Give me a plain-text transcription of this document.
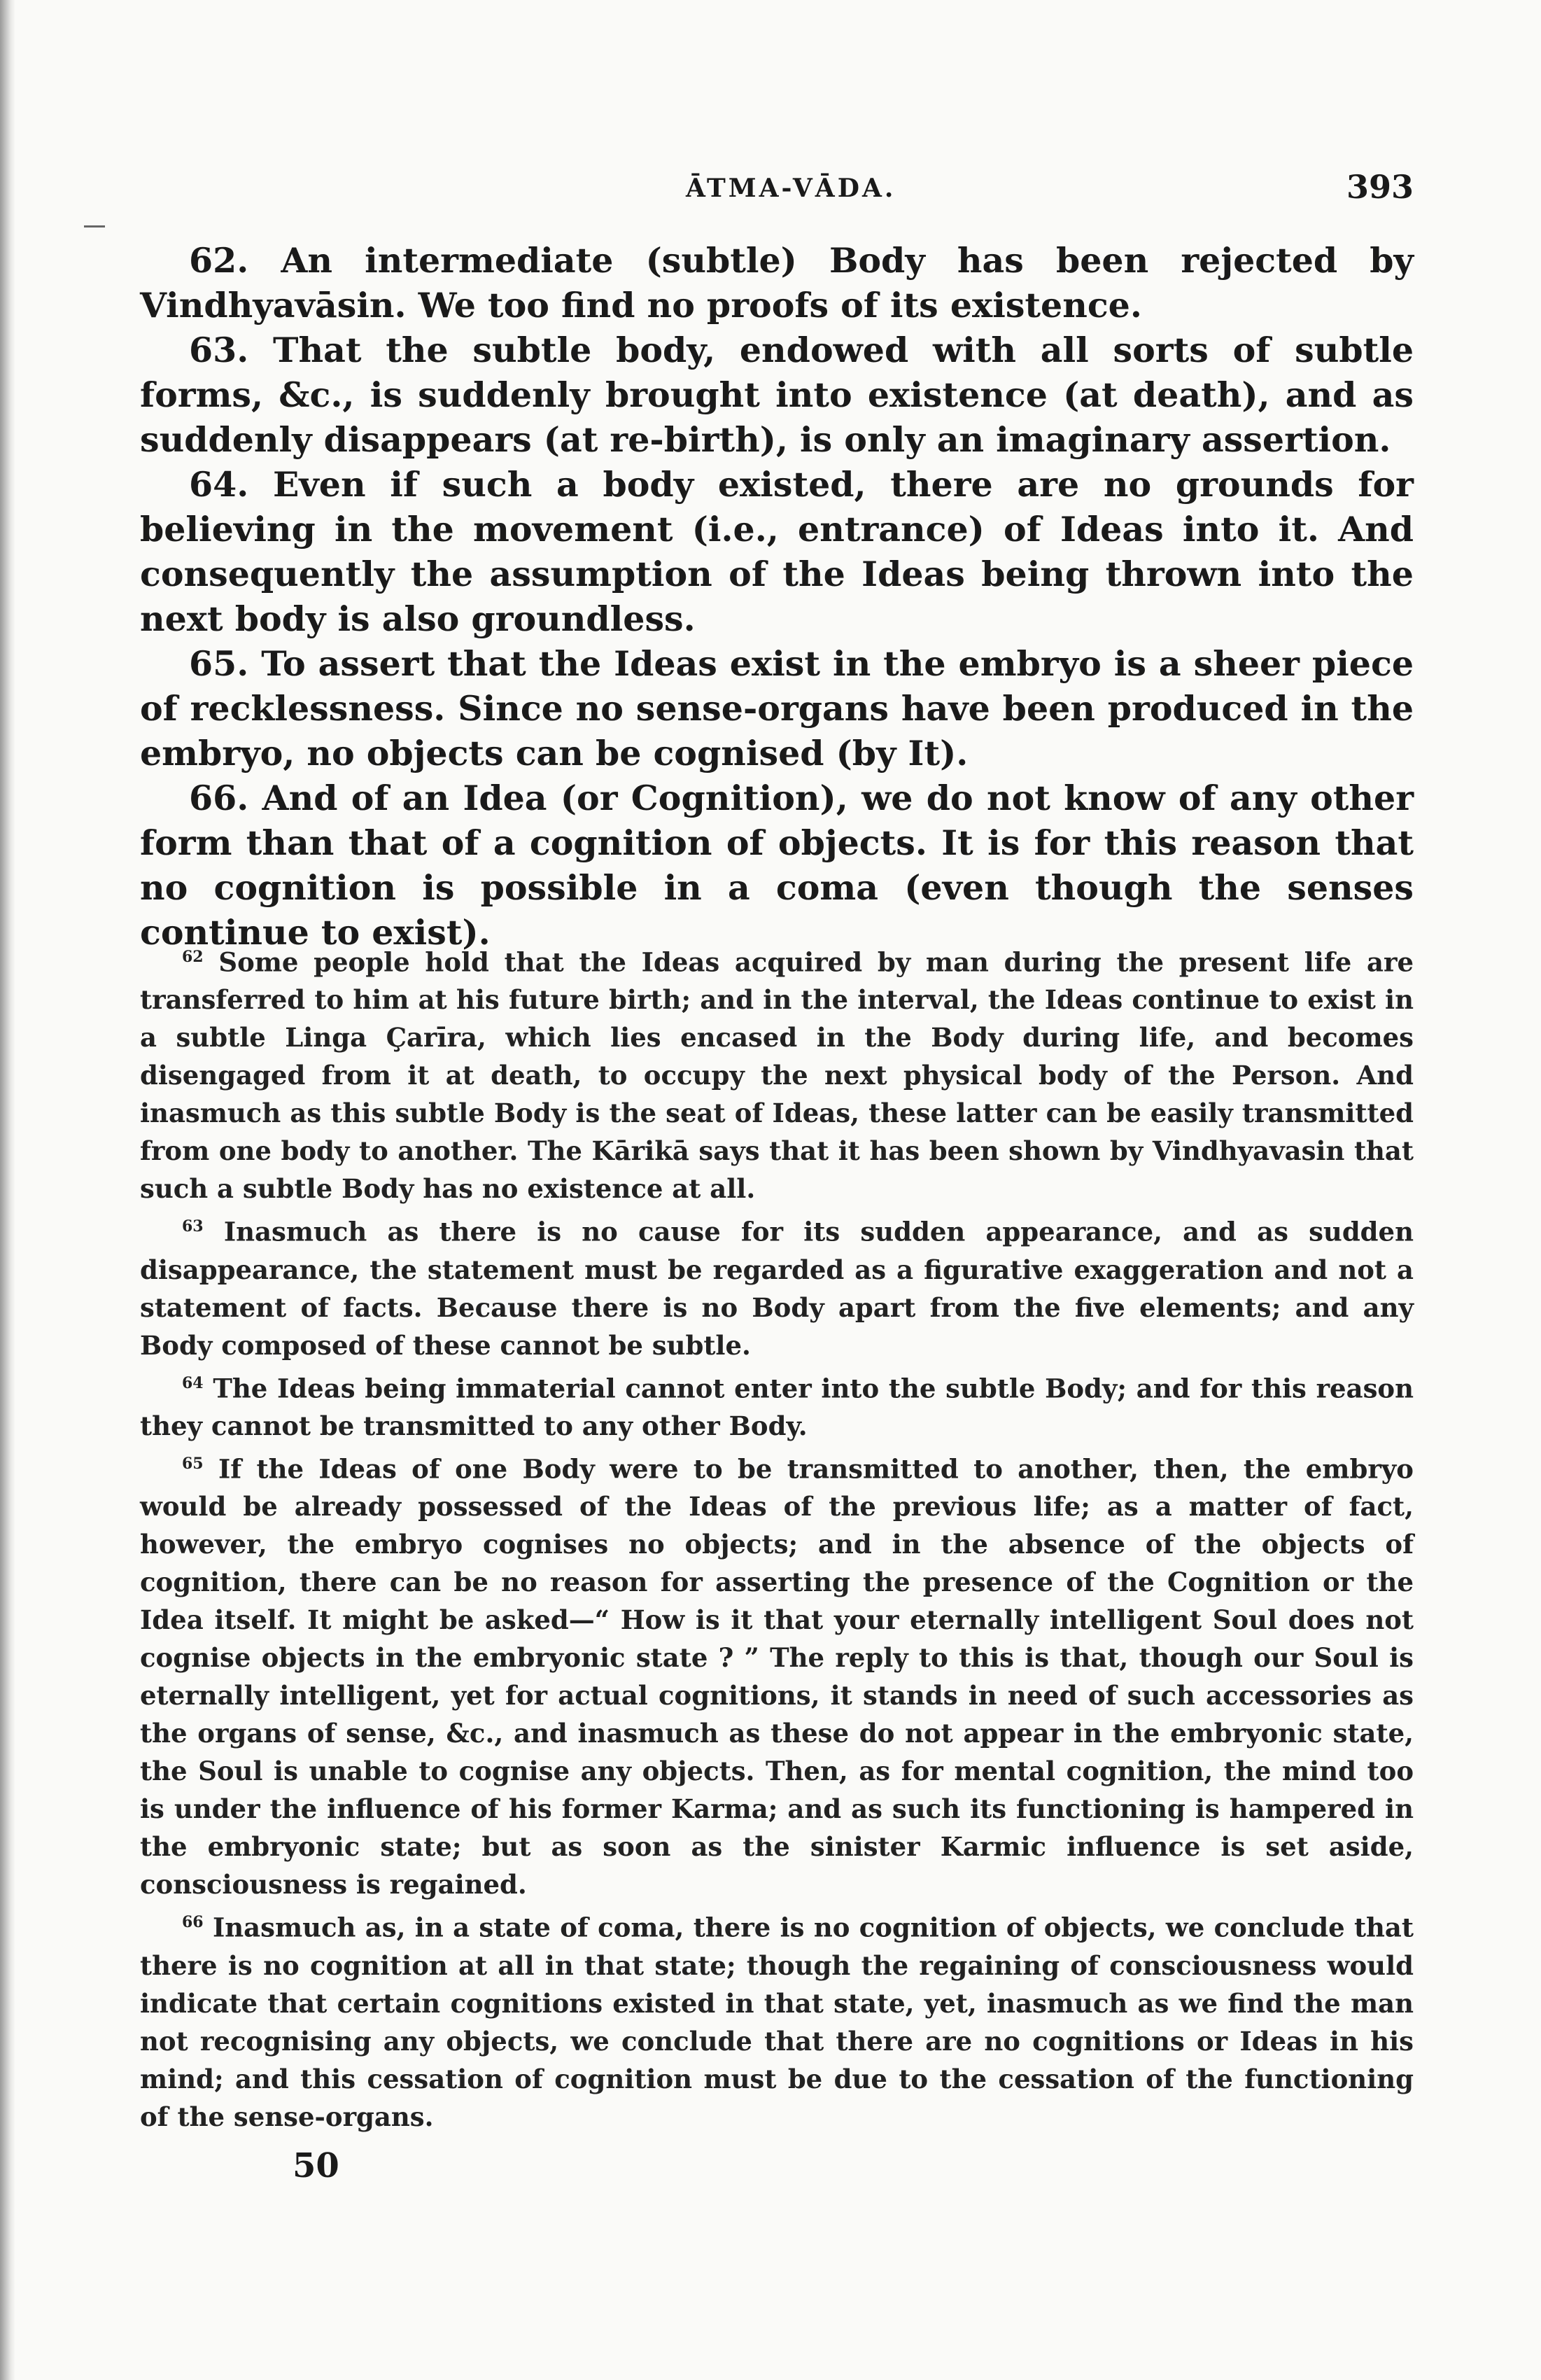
ĀTMA-VĀDA.	393

62. An intermediate (subtle) Body has been rejected by Vindhyavāsin. We too find no proofs of its existence.

63. That the subtle body, endowed with all sorts of subtle forms, &c., is suddenly brought into existence (at death), and as suddenly disappears (at re-birth), is only an imaginary assertion.

64. Even if such a body existed, there are no grounds for believing in the movement (i.e., entrance) of Ideas into it. And consequently the assumption of the Ideas being thrown into the next body is also groundless.

65. To assert that the Ideas exist in the embryo is a sheer piece of recklessness. Since no sense-organs have been produced in the embryo, no objects can be cognised (by It).

66. And of an Idea (or Cognition), we do not know of any other form than that of a cognition of objects. It is for this reason that no cognition is possible in a coma (even though the senses continue to exist).

$^{62}$ Some people hold that the Ideas acquired by man during the present life are transferred to him at his future birth; and in the interval, the Ideas continue to exist in a subtle Linga Çarīra, which lies encased in the Body during life, and becomes disengaged from it at death, to occupy the next physical body of the Person. And inasmuch as this subtle Body is the seat of Ideas, these latter can be easily transmitted from one body to another. The Kārikā says that it has been shown by Vindhyavasin that such a subtle Body has no existence at all.

$^{63}$ Inasmuch as there is no cause for its sudden appearance, and as sudden disappearance, the statement must be regarded as a figurative exaggeration and not a statement of facts. Because there is no Body apart from the five elements; and any Body composed of these cannot be subtle.

$^{64}$ The Ideas being immaterial cannot enter into the subtle Body; and for this reason they cannot be transmitted to any other Body.

$^{65}$ If the Ideas of one Body were to be transmitted to another, then, the embryo would be already possessed of the Ideas of the previous life; as a matter of fact, however, the embryo cognises no objects; and in the absence of the objects of cognition, there can be no reason for asserting the presence of the Cognition or the Idea itself. It might be asked—“ How is it that your eternally intelligent Soul does not cognise objects in the embryonic state ? ” The reply to this is that, though our Soul is eternally intelligent, yet for actual cognitions, it stands in need of such accessories as the organs of sense, &c., and inasmuch as these do not appear in the embryonic state, the Soul is unable to cognise any objects. Then, as for mental cognition, the mind too is under the influence of his former Karma; and as such its functioning is hampered in the embryonic state; but as soon as the sinister Karmic influence is set aside, consciousness is regained.

$^{66}$ Inasmuch as, in a state of coma, there is no cognition of objects, we conclude that there is no cognition at all in that state; though the regaining of consciousness would indicate that certain cognitions existed in that state, yet, inasmuch as we find the man not recognising any objects, we conclude that there are no cognitions or Ideas in his mind; and this cessation of cognition must be due to the cessation of the functioning of the sense-organs.

50
